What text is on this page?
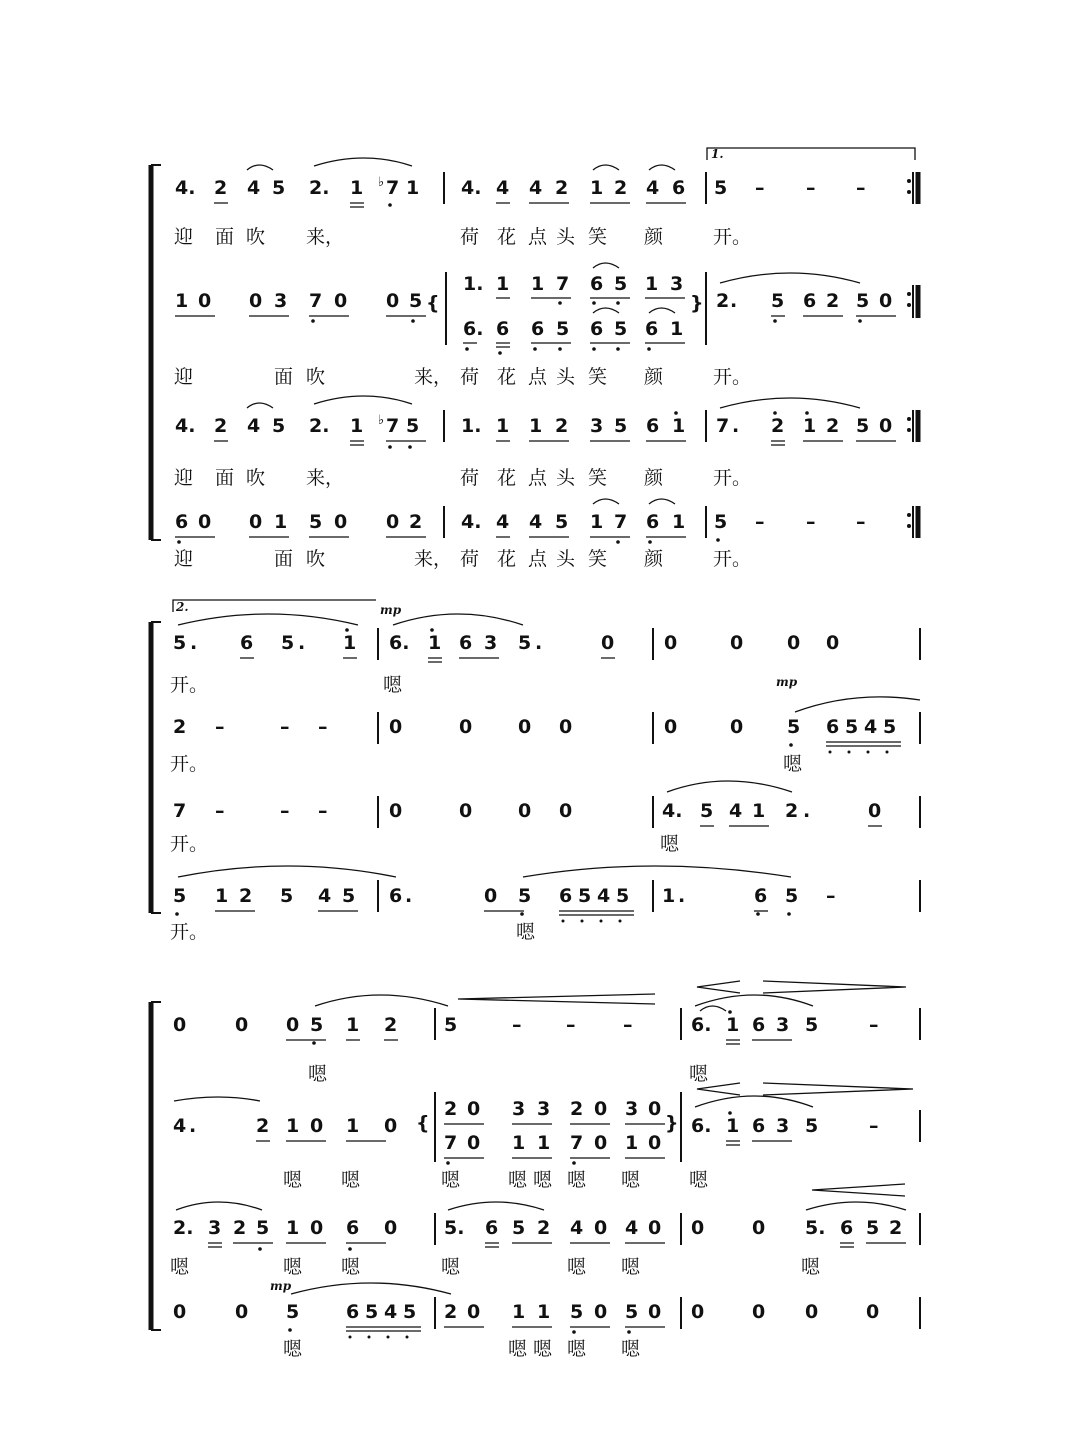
1.
4. 2 4 5 2. 1 ♭7 1 4. 4 4 2 1 2 4 6 5 – – –
迎 面 吹 来，	荷 花 点 头 笑 颜	开。
1 0 0 3 7 0 0 5 {
1. 1 1 7 6 5 1 3
6. 6 6 5 6 5 6 1
} 2. 5 6 2 5 0
迎	面 吹	来， 荷 花 点 头 笑 颜	开。
4. 2 4 5 2. 1 ♭7 5 1. 1 1 2 3 5 6 1 7 . 2 1 2 5 0
迎 面 吹 来，	荷 花 点 头 笑 颜	开。
6 0 0 1 5 0 0 2 4. 4 4 5 1 7 6 1 5 – – –
迎	面 吹	来， 荷 花 点 头 笑 颜	开。
2.
5 . 6 5 . 1
mp
6. 1 6 3 5 .	0	0	0 0 0
开。	嗯	mp
2 –	– –	0	0 0 0	0	0 5 6 5 4 5
开。	嗯
7 –	– –	0	0 0 0	4. 5 4 1 2 .	0
开。	嗯
5 1 2 5 4 5 6 .	0 5 6 5 4 5 1 .	6 5 –
开。	嗯
0	0 0 5 1 2 5	– –	–	6. 1 6 3 5	–
嗯	嗯
4 .	2 1 0 1 0 {
2 0 3 3 2 0 3 0
7 0 1 1 7 0 1 0
} 6. 1 6 3 5	–
嗯 嗯	嗯	嗯 嗯 嗯 嗯	嗯
2. 3 2 5 1 0 6 0 5. 6 5 2 4 0 4 0 0	0 5. 6 5 2
嗯	嗯 嗯	嗯	嗯 嗯	嗯
mp
0	0 5 6 5 4 5 2 0 1 1 5 0 5 0 0	0 0	0
嗯	嗯 嗯 嗯 嗯
